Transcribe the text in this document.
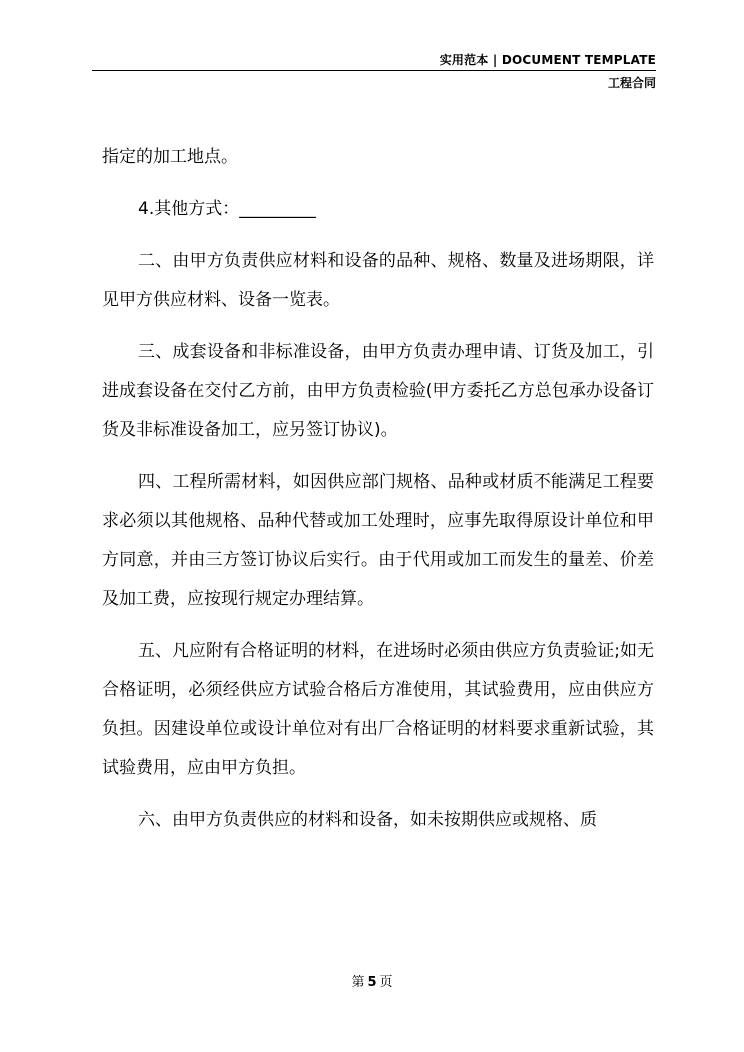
实用范本 | DOCUMENT TEMPLATE
工程合同

指定的加工地点。

4.其他方式：_________

二、由甲方负责供应材料和设备的品种、规格、数量及进场期限，详见甲方供应材料、设备一览表。

三、成套设备和非标准设备，由甲方负责办理申请、订货及加工，引进成套设备在交付乙方前，由甲方负责检验(甲方委托乙方总包承办设备订货及非标准设备加工，应另签订协议)。

四、工程所需材料，如因供应部门规格、品种或材质不能满足工程要求必须以其他规格、品种代替或加工处理时，应事先取得原设计单位和甲方同意，并由三方签订协议后实行。由于代用或加工而发生的量差、价差及加工费，应按现行规定办理结算。

五、凡应附有合格证明的材料，在进场时必须由供应方负责验证;如无合格证明，必须经供应方试验合格后方准使用，其试验费用，应由供应方负担。因建设单位或设计单位对有出厂合格证明的材料要求重新试验，其试验费用，应由甲方负担。

六、由甲方负责供应的材料和设备，如未按期供应或规格、质

第 5 页
